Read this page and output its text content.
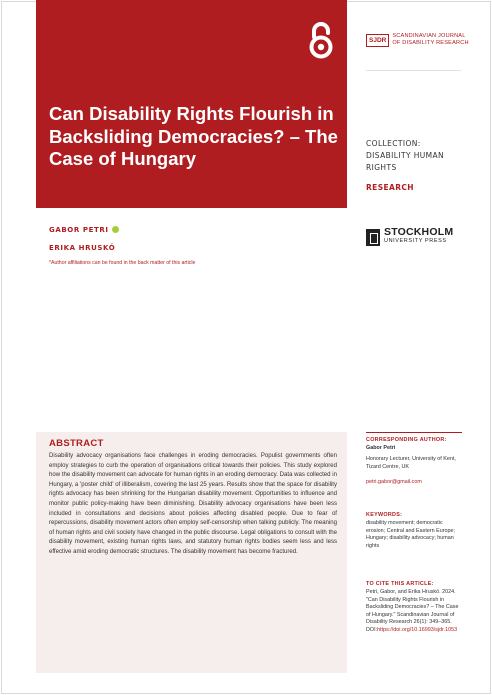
Can Disability Rights Flourish in Backsliding Democracies? – The Case of Hungary
SJDR
SCANDINAVIAN JOURNAL
OF DISABILITY RESEARCH
COLLECTION:
DISABILITY HUMAN
RIGHTS
RESEARCH
STOCKHOLM
UNIVERSITY PRESS
GABOR PETRI
ERIKA HRUSKÓ
*Author affiliations can be found in the back matter of this article
ABSTRACT

Disability advocacy organisations face challenges in eroding democracies. Populist governments often employ strategies to curb the operation of organisations critical towards their policies. This study explored how the disability movement can advocate for human rights in an eroding democracy. Data was collected in Hungary, a 'poster child' of illiberalism, covering the last 25 years. Results show that the space for disability rights advocacy has been shrinking for the Hungarian disability movement. Opportunities to influence and monitor public policy-making have been diminishing. Disability advocacy organisations have been less included in consultations and decisions about policies affecting disabled people. Due to fear of repercussions, disability movement actors often employ self-censorship when talking publicly. The meaning of human rights and civil society have changed in the public discourse. Legal obligations to consult with the disability movement, existing human rights laws, and statutory human rights bodies seem less and less effective amid eroding democratic structures. The disability movement has become fractured.

CORRESPONDING AUTHOR:
Gabor Petri
Honorary Lecturer, University of Kent, Tizard Centre, UK
petri.gabor@gmail.com
KEYWORDS:
disability movement; democratic erosion; Central and Eastern Europe; Hungary; disability advocacy; human rights
TO CITE THIS ARTICLE:
Petri, Gabor, and Erika Hruskó. 2024. "Can Disability Rights Flourish in Backsliding Democracies? – The Case of Hungary." Scandinavian Journal of Disability Research 26(1): 349–365. DOI:https://doi.org/10.16993/sjdr.1053
